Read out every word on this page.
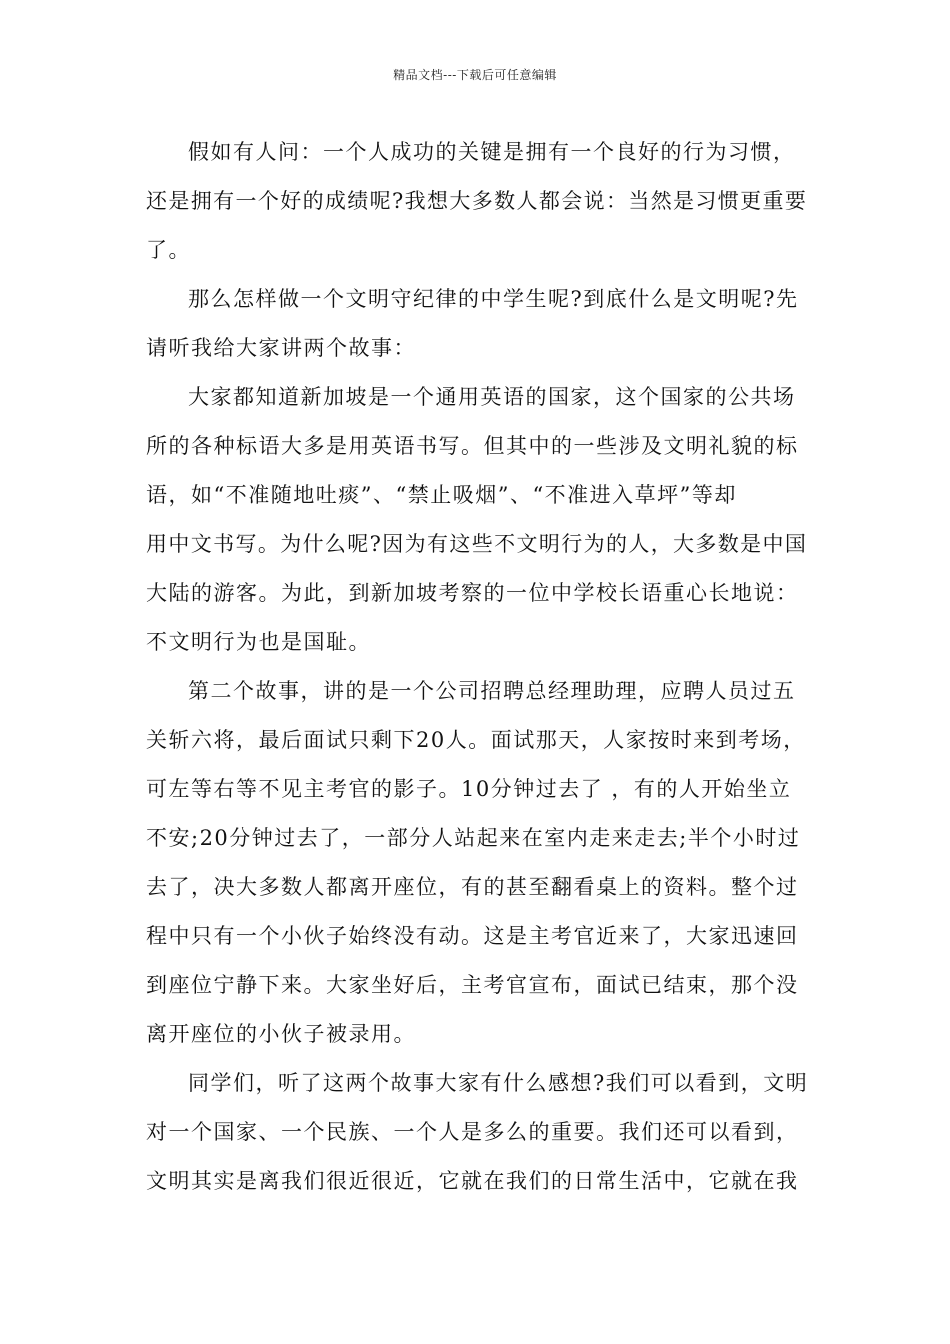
精品文档---下载后可任意编辑

假如有人问：一个人成功的关键是拥有一个良好的行为习惯，
还是拥有一个好的成绩呢?我想大多数人都会说：当然是习惯更重要
了。

那么怎样做一个文明守纪律的中学生呢?到底什么是文明呢?先
请听我给大家讲两个故事：

大家都知道新加坡是一个通用英语的国家，这个国家的公共场
所的各种标语大多是用英语书写。但其中的一些涉及文明礼貌的标
语，如“不准随地吐痰”、“禁止吸烟”、“不准进入草坪”等却
用中文书写。为什么呢?因为有这些不文明行为的人，大多数是中国
大陆的游客。为此，到新加坡考察的一位中学校长语重心长地说：
不文明行为也是国耻。

第二个故事，讲的是一个公司招聘总经理助理，应聘人员过五
关斩六将，最后面试只剩下20人。面试那天，人家按时来到考场，
可左等右等不见主考官的影子。10分钟过去了 ，有的人开始坐立
不安;20分钟过去了，一部分人站起来在室内走来走去;半个小时过
去了，决大多数人都离开座位，有的甚至翻看桌上的资料。整个过
程中只有一个小伙子始终没有动。这是主考官近来了，大家迅速回
到座位宁静下来。大家坐好后，主考官宣布，面试已结束，那个没
离开座位的小伙子被录用。

同学们，听了这两个故事大家有什么感想?我们可以看到，文明
对一个国家、一个民族、一个人是多么的重要。我们还可以看到，
文明其实是离我们很近很近，它就在我们的日常生活中，它就在我
